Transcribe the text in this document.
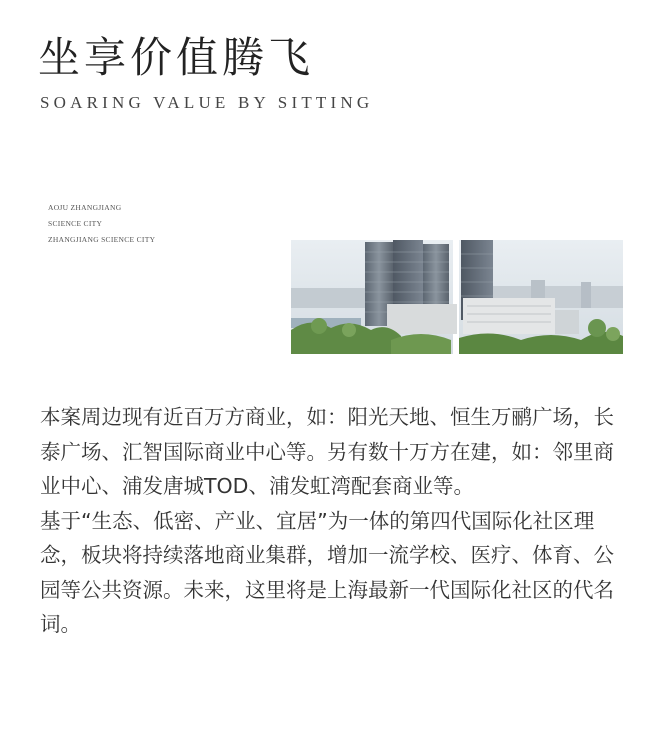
坐享价值腾飞
SOARING VALUE BY SITTING
AOJU ZHANGJIANG
SCIENCE CITY
ZHANGJIANG SCIENCE CITY

本案周边现有近百万方商业，如：阳光天地、恒生万鹂广场，长泰广场、汇智国际商业中心等。另有数十万方在建，如：邻里商业中心、浦发唐城TOD、浦发虹湾配套商业等。

基于“生态、低密、产业、宜居”为一体的第四代国际化社区理念，板块将持续落地商业集群，增加一流学校、医疗、体育、公园等公共资源。未来，这里将是上海最新一代国际化社区的代名词。
